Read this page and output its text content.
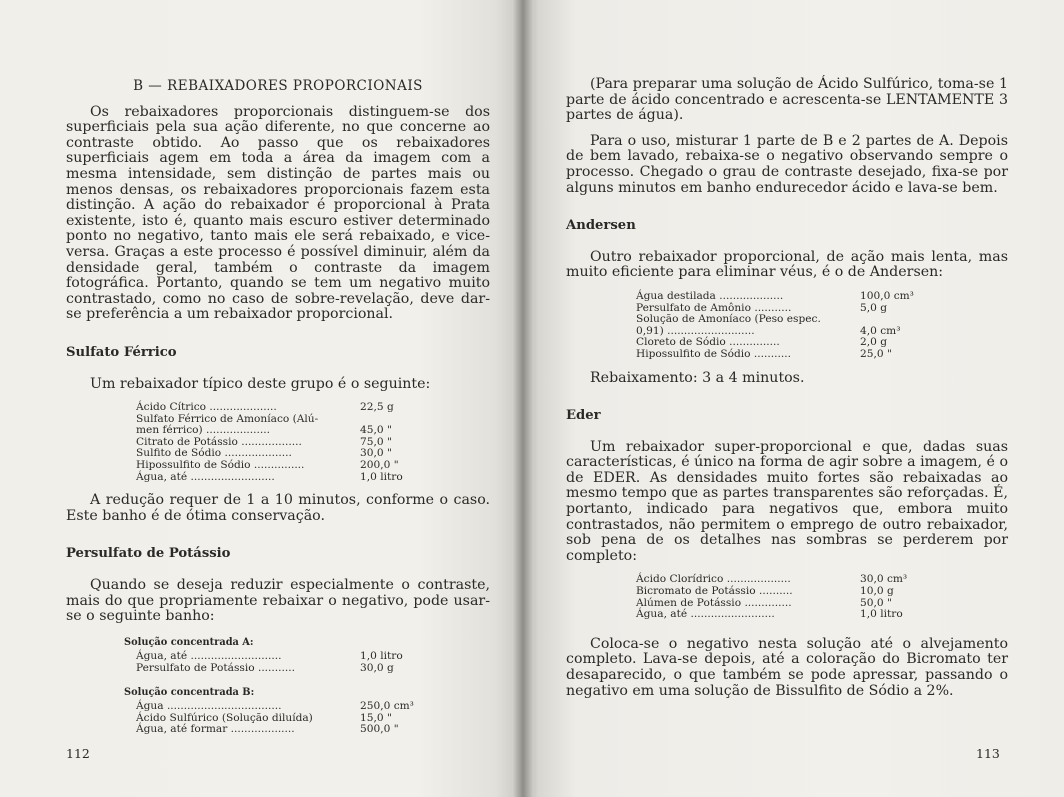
B — REBAIXADORES PROPORCIONAIS

Os rebaixadores proporcionais distinguem-se dos superficiais pela sua ação diferente, no que concerne ao contraste obtido. Ao passo que os rebaixadores superficiais agem em toda a área da imagem com a mesma intensidade, sem distinção de partes mais ou menos densas, os rebaixadores proporcionais fazem esta distinção. A ação do rebaixador é proporcional à Prata existente, isto é, quanto mais escuro estiver determinado ponto no negativo, tanto mais ele será rebaixado, e vice-versa. Graças a este processo é possível diminuir, além da densidade geral, também o contraste da imagem fotográfica. Portanto, quando se tem um negativo muito contrastado, como no caso de sobre-revelação, deve dar-se preferência a um rebaixador proporcional.

Sulfato Férrico

Um rebaixador típico deste grupo é o seguinte:

Ácido Cítrico ....................	22,5 g
Sulfato Férrico de Amoníaco (Alú-	
men férrico) ...................	45,0 "
Citrato de Potássio ..................	75,0 "
Sulfito de Sódio ....................	30,0 "
Hipossulfito de Sódio ...............	200,0 "
Água, até .........................	1,0 litro

A redução requer de 1 a 10 minutos, conforme o caso. Este banho é de ótima conservação.

Persulfato de Potássio

Quando se deseja reduzir especialmente o contraste, mais do que propriamente rebaixar o negativo, pode usar-se o seguinte banho:

Solução concentrada A:
Água, até ...........................	1,0 litro
Persulfato de Potássio ...........	30,0 g
Solução concentrada B:
Água ..................................	250,0 cm³
Ácido Sulfúrico (Solução diluída)	15,0 "
Água, até formar ...................	500,0 "
112

(Para preparar uma solução de Ácido Sulfúrico, toma-se 1 parte de ácido concentrado e acrescenta-se LENTAMENTE 3 partes de água).

Para o uso, misturar 1 parte de B e 2 partes de A. Depois de bem lavado, rebaixa-se o negativo observando sempre o processo. Chegado o grau de contraste desejado, fixa-se por alguns minutos em banho endurecedor ácido e lava-se bem.

Andersen

Outro rebaixador proporcional, de ação mais lenta, mas muito eficiente para eliminar véus, é o de Andersen:

Água destilada ...................	100,0 cm³
Persulfato de Amônio ...........	5,0 g
Solução de Amoníaco (Peso espec.	
0,91) ..........................	4,0 cm³
Cloreto de Sódio ...............	2,0 g
Hipossulfito de Sódio ...........	25,0 "

Rebaixamento: 3 a 4 minutos.

Eder

Um rebaixador super-proporcional e que, dadas suas características, é único na forma de agir sobre a imagem, é o de EDER. As densidades muito fortes são rebaixadas ao mesmo tempo que as partes transparentes são reforçadas. É, portanto, indicado para negativos que, embora muito contrastados, não permitem o emprego de outro rebaixador, sob pena de os detalhes nas sombras se perderem por completo:

Ácido Clorídrico ...................	30,0 cm³
Bicromato de Potássio ..........	10,0 g
Alúmen de Potássio ..............	50,0 "
Água, até .........................	1,0 litro

Coloca-se o negativo nesta solução até o alvejamento completo. Lava-se depois, até a coloração do Bicromato ter desaparecido, o que também se pode apressar, passando o negativo em uma solução de Bissulfito de Sódio a 2%.

113
